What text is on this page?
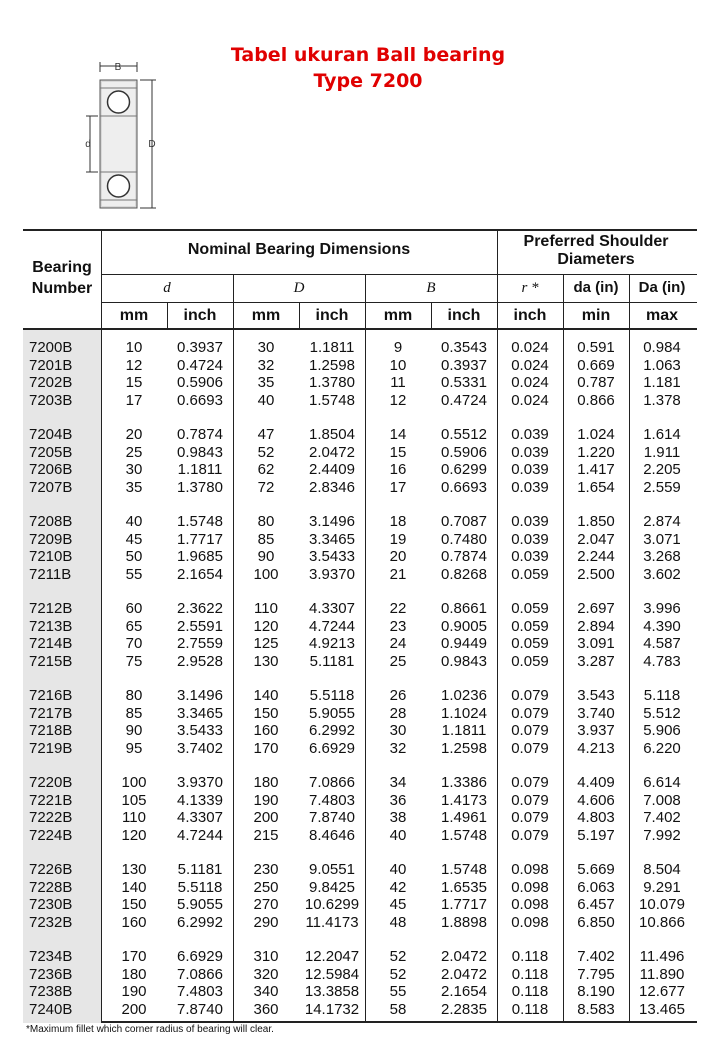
Tabel ukuran Ball bearing
Type 7200
B
d	D
Bearing Number
Nominal Bearing Dimensions	Preferred Shoulder Diameters
d	D	B	r *	da (in)	Da (in)
mm	inch	mm	inch	mm	inch	inch	min	max
7200B	10	0.3937	30	1.1811	9	0.3543	0.024	0.591	0.984
7201B	12	0.4724	32	1.2598	10	0.3937	0.024	0.669	1.063
7202B	15	0.5906	35	1.3780	11	0.5331	0.024	0.787	1.181
7203B	17	0.6693	40	1.5748	12	0.4724	0.024	0.866	1.378
7204B	20	0.7874	47	1.8504	14	0.5512	0.039	1.024	1.614
7205B	25	0.9843	52	2.0472	15	0.5906	0.039	1.220	1.911
7206B	30	1.1811	62	2.4409	16	0.6299	0.039	1.417	2.205
7207B	35	1.3780	72	2.8346	17	0.6693	0.039	1.654	2.559
7208B	40	1.5748	80	3.1496	18	0.7087	0.039	1.850	2.874
7209B	45	1.7717	85	3.3465	19	0.7480	0.039	2.047	3.071
7210B	50	1.9685	90	3.5433	20	0.7874	0.039	2.244	3.268
7211B	55	2.1654	100	3.9370	21	0.8268	0.059	2.500	3.602
7212B	60	2.3622	110	4.3307	22	0.8661	0.059	2.697	3.996
7213B	65	2.5591	120	4.7244	23	0.9005	0.059	2.894	4.390
7214B	70	2.7559	125	4.9213	24	0.9449	0.059	3.091	4.587
7215B	75	2.9528	130	5.1181	25	0.9843	0.059	3.287	4.783
7216B	80	3.1496	140	5.5118	26	1.0236	0.079	3.543	5.118
7217B	85	3.3465	150	5.9055	28	1.1024	0.079	3.740	5.512
7218B	90	3.5433	160	6.2992	30	1.1811	0.079	3.937	5.906
7219B	95	3.7402	170	6.6929	32	1.2598	0.079	4.213	6.220
7220B	100	3.9370	180	7.0866	34	1.3386	0.079	4.409	6.614
7221B	105	4.1339	190	7.4803	36	1.4173	0.079	4.606	7.008
7222B	110	4.3307	200	7.8740	38	1.4961	0.079	4.803	7.402
7224B	120	4.7244	215	8.4646	40	1.5748	0.079	5.197	7.992
7226B	130	5.1181	230	9.0551	40	1.5748	0.098	5.669	8.504
7228B	140	5.5118	250	9.8425	42	1.6535	0.098	6.063	9.291
7230B	150	5.9055	270	10.6299	45	1.7717	0.098	6.457	10.079
7232B	160	6.2992	290	11.4173	48	1.8898	0.098	6.850	10.866
7234B	170	6.6929	310	12.2047	52	2.0472	0.118	7.402	11.496
7236B	180	7.0866	320	12.5984	52	2.0472	0.118	7.795	11.890
7238B	190	7.4803	340	13.3858	55	2.1654	0.118	8.190	12.677
7240B	200	7.8740	360	14.1732	58	2.2835	0.118	8.583	13.465
*Maximum fillet which corner radius of bearing will clear.
